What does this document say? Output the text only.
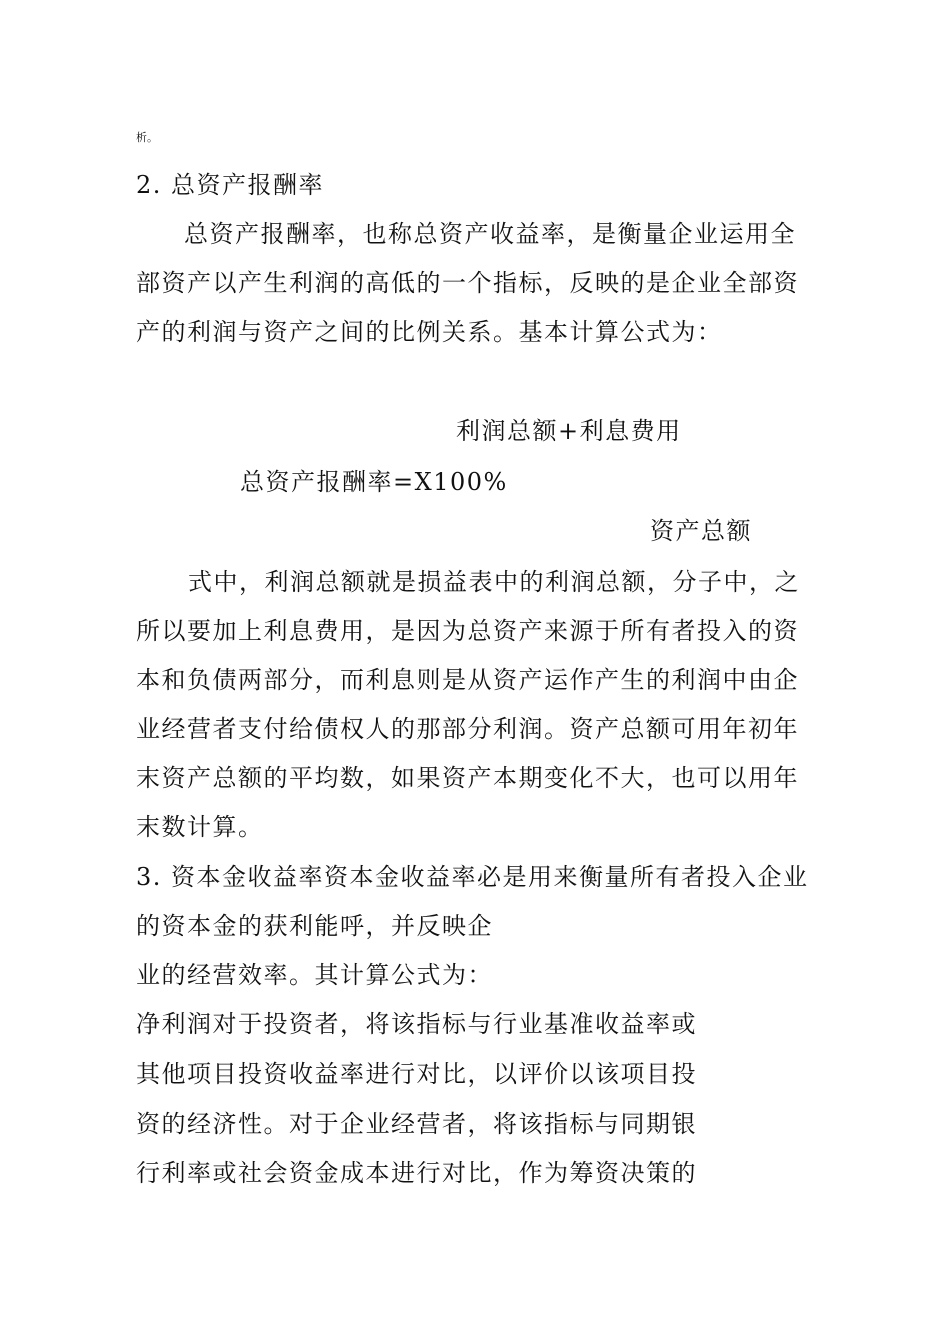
析。
2. 总资产报酬率
总资产报酬率，也称总资产收益率，是衡量企业运用全
部资产以产生利润的高低的一个指标，反映的是企业全部资
产的利润与资产之间的比例关系。基本计算公式为：
利润总额+利息费用
总资产报酬率=X100%
资产总额
式中，利润总额就是损益表中的利润总额，分子中，之
所以要加上利息费用，是因为总资产来源于所有者投入的资
本和负债两部分，而利息则是从资产运作产生的利润中由企
业经营者支付给债权人的那部分利润。资产总额可用年初年
末资产总额的平均数，如果资产本期变化不大，也可以用年
末数计算。
3. 资本金收益率资本金收益率必是用来衡量所有者投入企业
的资本金的获利能呼，并反映企
业的经营效率。其计算公式为：
净利润对于投资者，将该指标与行业基准收益率或
其他项目投资收益率进行对比，以评价以该项目投
资的经济性。对于企业经营者，将该指标与同期银
行利率或社会资金成本进行对比，作为筹资决策的
